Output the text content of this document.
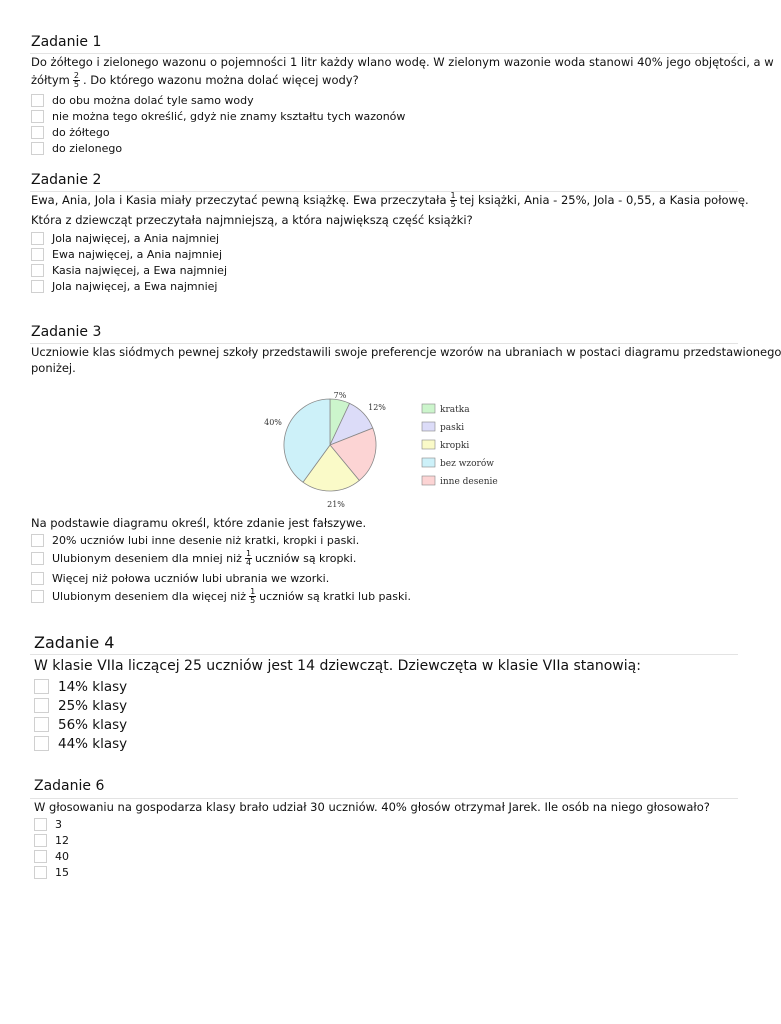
Zadanie 1
Do żółtego i zielonego wazonu o pojemności 1 litr każdy wlano wodę. W zielonym wazonie woda stanowi 40% jego objętości, a w
żółtym $\frac{2}{5}$ . Do którego wazonu można dolać więcej wody?
do obu można dolać tyle samo wody
nie można tego określić, gdyż nie znamy kształtu tych wazonów
do żółtego
do zielonego
Zadanie 2
Ewa, Ania, Jola i Kasia miały przeczytać pewną książkę. Ewa przeczytała $\frac{1}{5}$ tej książki, Ania - 25%, Jola - 0,55, a Kasia połowę.
Która z dziewcząt przeczytała najmniejszą, a która największą część książki?
Jola najwięcej, a Ania najmniej
Ewa najwięcej, a Ania najmniej
Kasia najwięcej, a Ewa najmniej
Jola najwięcej, a Ewa najmniej
Zadanie 3
Uczniowie klas siódmych pewnej szkoły przedstawili swoje preferencje wzorów na ubraniach w postaci diagramu przedstawionego
poniżej.
7%
12%
21%
40%
kratka
paski
kropki
bez wzorów
inne desenie
Na podstawie diagramu określ, które zdanie jest fałszywe.
20% uczniów lubi inne desenie niż kratki, kropki i paski.
Ulubionym deseniem dla mniej niż $\frac{1}{4}$ uczniów są kropki.
Więcej niż połowa uczniów lubi ubrania we wzorki.
Ulubionym deseniem dla więcej niż $\frac{1}{5}$ uczniów są kratki lub paski.
Zadanie 4
W klasie VIIa liczącej 25 uczniów jest 14 dziewcząt. Dziewczęta w klasie VIIa stanowią:
14% klasy
25% klasy
56% klasy
44% klasy
Zadanie 6
W głosowaniu na gospodarza klasy brało udział 30 uczniów. 40% głosów otrzymał Jarek. Ile osób na niego głosowało?
3
12
40
15
